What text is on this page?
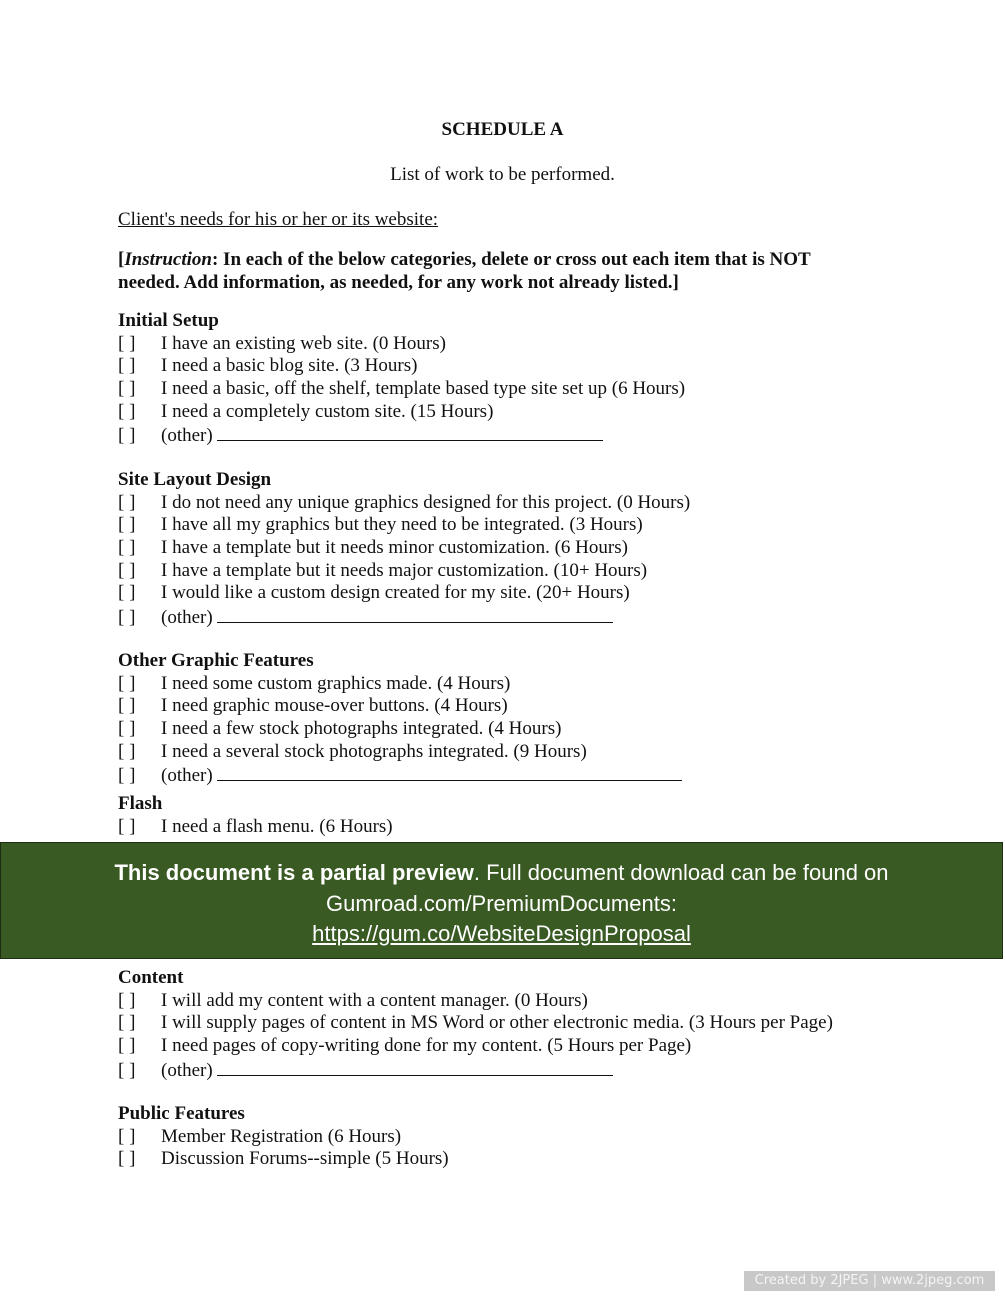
SCHEDULE A
List of work to be performed.
Client's needs for his or her or its website:
[Instruction: In each of the below categories, delete or cross out each item that is NOT needed. Add information, as needed, for any work not already listed.]
Initial Setup
[ ] I have an existing web site. (0 Hours)
[ ] I need a basic blog site. (3 Hours)
[ ] I need a basic, off the shelf, template based type site set up (6 Hours)
[ ] I need a completely custom site. (15 Hours)
[ ] (other)
Site Layout Design
[ ] I do not need any unique graphics designed for this project. (0 Hours)
[ ] I have all my graphics but they need to be integrated. (3 Hours)
[ ] I have a template but it needs minor customization. (6 Hours)
[ ] I have a template but it needs major customization. (10+ Hours)
[ ] I would like a custom design created for my site. (20+ Hours)
[ ] (other)
Other Graphic Features
[ ] I need some custom graphics made. (4 Hours)
[ ] I need graphic mouse-over buttons. (4 Hours)
[ ] I need a few stock photographs integrated. (4 Hours)
[ ] I need a several stock photographs integrated. (9 Hours)
[ ] (other)
Flash
[ ] I need a flash menu. (6 Hours)
Content
[ ] I will add my content with a content manager. (0 Hours)
[ ] I will supply pages of content in MS Word or other electronic media. (3 Hours per Page)
[ ] I need pages of copy-writing done for my content. (5 Hours per Page)
[ ] (other)
Public Features
[ ] Member Registration (6 Hours)
[ ] Discussion Forums--simple (5 Hours)
This document is a partial preview. Full document download can be found on
Gumroad.com/PremiumDocuments:
https://gum.co/WebsiteDesignProposal
Created by 2JPEG | www.2jpeg.com
